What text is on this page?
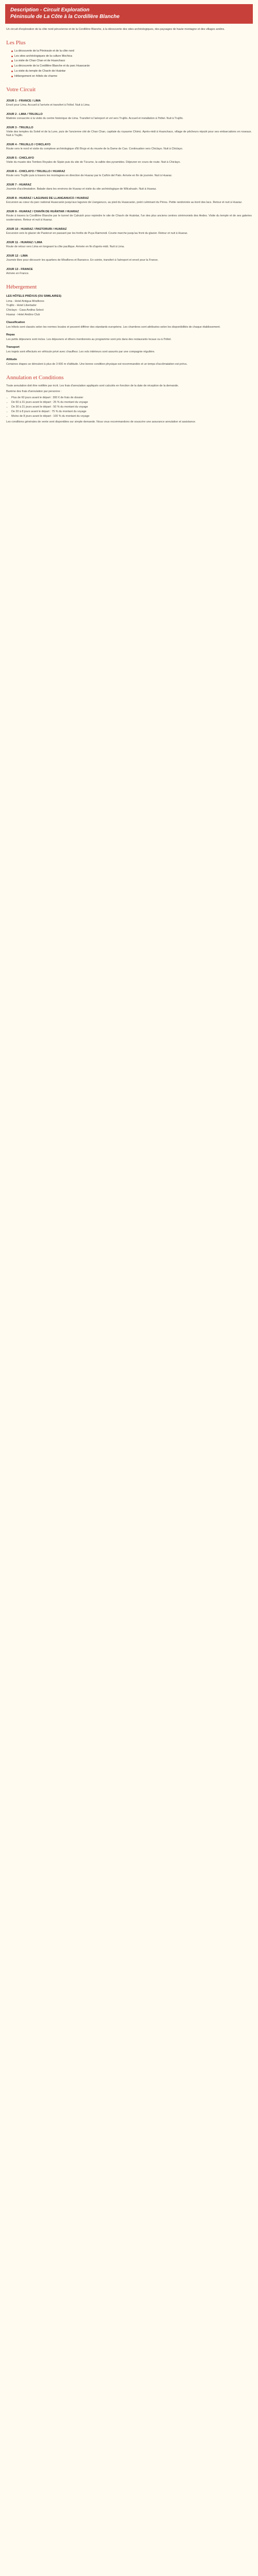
Description - Circuit Exploration
Péninsule de La Côte à la Cordillère Blanche

Un circuit d'exploration de la côte nord péruvienne et de la Cordillère Blanche, à la découverte des sites archéologiques, des paysages de haute montagne et des villages andins.

Les Plus
La découverte de la Péninsule et de la côte nord
Les sites archéologiques de la culture Mochica
La visite de Chan Chan et de Huanchaco
La découverte de la Cordillère Blanche et du parc Huascarán
La visite du temple de Chavín de Huántar
Hébergement en hôtels de charme
Votre Circuit
JOUR 1 - FRANCE / LIMA

Envol pour Lima. Accueil à l'arrivée et transfert à l'hôtel. Nuit à Lima.

JOUR 2 - LIMA / TRUJILLO

Matinée consacrée à la visite du centre historique de Lima. Transfert à l'aéroport et vol vers Trujillo. Accueil et installation à l'hôtel. Nuit à Trujillo.

JOUR 3 - TRUJILLO

Visite des temples du Soleil et de la Lune, puis de l'ancienne cité de Chan Chan, capitale du royaume Chimú. Après-midi à Huanchaco, village de pêcheurs réputé pour ses embarcations en roseaux. Nuit à Trujillo.

JOUR 4 - TRUJILLO / CHICLAYO

Route vers le nord et visite du complexe archéologique d'El Brujo et du musée de la Dame de Cao. Continuation vers Chiclayo. Nuit à Chiclayo.

JOUR 5 - CHICLAYO

Visite du musée des Tombes Royales de Sipán puis du site de Túcume, la vallée des pyramides. Déjeuner en cours de route. Nuit à Chiclayo.

JOUR 6 - CHICLAYO / TRUJILLO / HUARAZ

Route vers Trujillo puis à travers les montagnes en direction de Huaraz par le Cañón del Pato. Arrivée en fin de journée. Nuit à Huaraz.

JOUR 7 - HUARAZ

Journée d'acclimatation. Balade dans les environs de Huaraz et visite du site archéologique de Wilcahuaín. Nuit à Huaraz.

JOUR 8 - HUARAZ / LAGUNAS DE LLANGANUCO / HUARAZ

Excursion au cœur du parc national Huascarán jusqu'aux lagunes de Llanganuco, au pied du Huascarán, point culminant du Pérou. Petite randonnée au bord des lacs. Retour et nuit à Huaraz.

JOUR 9 - HUARAZ / CHAVÍN DE HUÁNTAR / HUARAZ

Route à travers la Cordillère Blanche par le tunnel de Cahuish pour rejoindre le site de Chavín de Huántar, l'un des plus anciens centres cérémoniels des Andes. Visite du temple et de ses galeries souterraines. Retour et nuit à Huaraz.

JOUR 10 - HUARAZ / PASTORURI / HUARAZ

Excursion vers le glacier de Pastoruri en passant par les forêts de Puya Raimondi. Courte marche jusqu'au front du glacier. Retour et nuit à Huaraz.

JOUR 11 - HUARAZ / LIMA

Route de retour vers Lima en longeant la côte pacifique. Arrivée en fin d'après-midi. Nuit à Lima.

JOUR 12 - LIMA

Journée libre pour découvrir les quartiers de Miraflores et Barranco. En soirée, transfert à l'aéroport et envol pour la France.

JOUR 13 - FRANCE

Arrivée en France.

Hébergement
LES HÔTELS PRÉVUS (OU SIMILAIRES)
Lima - Hotel Antigua Miraflores
Trujillo - Hotel Libertador
Chiclayo - Casa Andina Select
Huaraz - Hotel Andino Club
Classification

Les hôtels sont classés selon les normes locales et peuvent différer des standards européens. Les chambres sont attribuées selon les disponibilités de chaque établissement.

Repas

Les petits déjeuners sont inclus. Les déjeuners et dîners mentionnés au programme sont pris dans des restaurants locaux ou à l'hôtel.

Transport

Les trajets sont effectués en véhicule privé avec chauffeur. Les vols intérieurs sont assurés par une compagnie régulière.

Altitude

Certaines étapes se déroulent à plus de 3 000 m d'altitude. Une bonne condition physique est recommandée et un temps d'acclimatation est prévu.

Annulation et Conditions

Toute annulation doit être notifiée par écrit. Les frais d'annulation appliqués sont calculés en fonction de la date de réception de la demande.

Barème des frais d'annulation par personne :

• Plus de 60 jours avant le départ : 300 € de frais de dossier
• De 60 à 31 jours avant le départ : 25 % du montant du voyage
• De 30 à 21 jours avant le départ : 50 % du montant du voyage
• De 20 à 8 jours avant le départ : 75 % du montant du voyage
• Moins de 8 jours avant le départ : 100 % du montant du voyage

Les conditions générales de vente sont disponibles sur simple demande. Nous vous recommandons de souscrire une assurance annulation et assistance.
